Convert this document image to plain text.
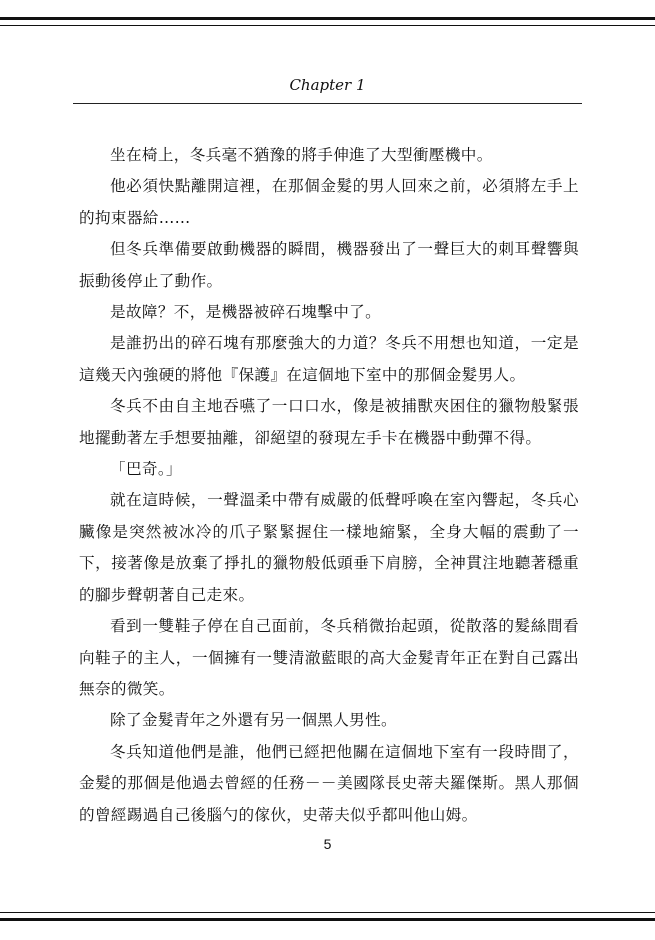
Chapter 1

坐在椅上，冬兵毫不猶豫的將手伸進了大型衝壓機中。

他必須快點離開這裡，在那個金髮的男人回來之前，必須將左手上的拘束器給……

但冬兵準備要啟動機器的瞬間，機器發出了一聲巨大的刺耳聲響與振動後停止了動作。

是故障？不，是機器被碎石塊擊中了。

是誰扔出的碎石塊有那麼強大的力道？冬兵不用想也知道，一定是這幾天內強硬的將他『保護』在這個地下室中的那個金髮男人。

冬兵不由自主地吞嚥了一口口水，像是被捕獸夾困住的獵物般緊張地擺動著左手想要抽離，卻絕望的發現左手卡在機器中動彈不得。

「巴奇。」

就在這時候，一聲溫柔中帶有威嚴的低聲呼喚在室內響起，冬兵心臟像是突然被冰冷的爪子緊緊握住一樣地縮緊，全身大幅的震動了一下，接著像是放棄了掙扎的獵物般低頭垂下肩膀，全神貫注地聽著穩重的腳步聲朝著自己走來。

看到一雙鞋子停在自己面前，冬兵稍微抬起頭，從散落的髮絲間看向鞋子的主人，一個擁有一雙清澈藍眼的高大金髮青年正在對自己露出無奈的微笑。

除了金髮青年之外還有另一個黑人男性。

冬兵知道他們是誰，他們已經把他關在這個地下室有一段時間了，金髮的那個是他過去曾經的任務－－美國隊長史蒂夫羅傑斯。黑人那個的曾經踢過自己後腦勺的傢伙，史蒂夫似乎都叫他山姆。

5
